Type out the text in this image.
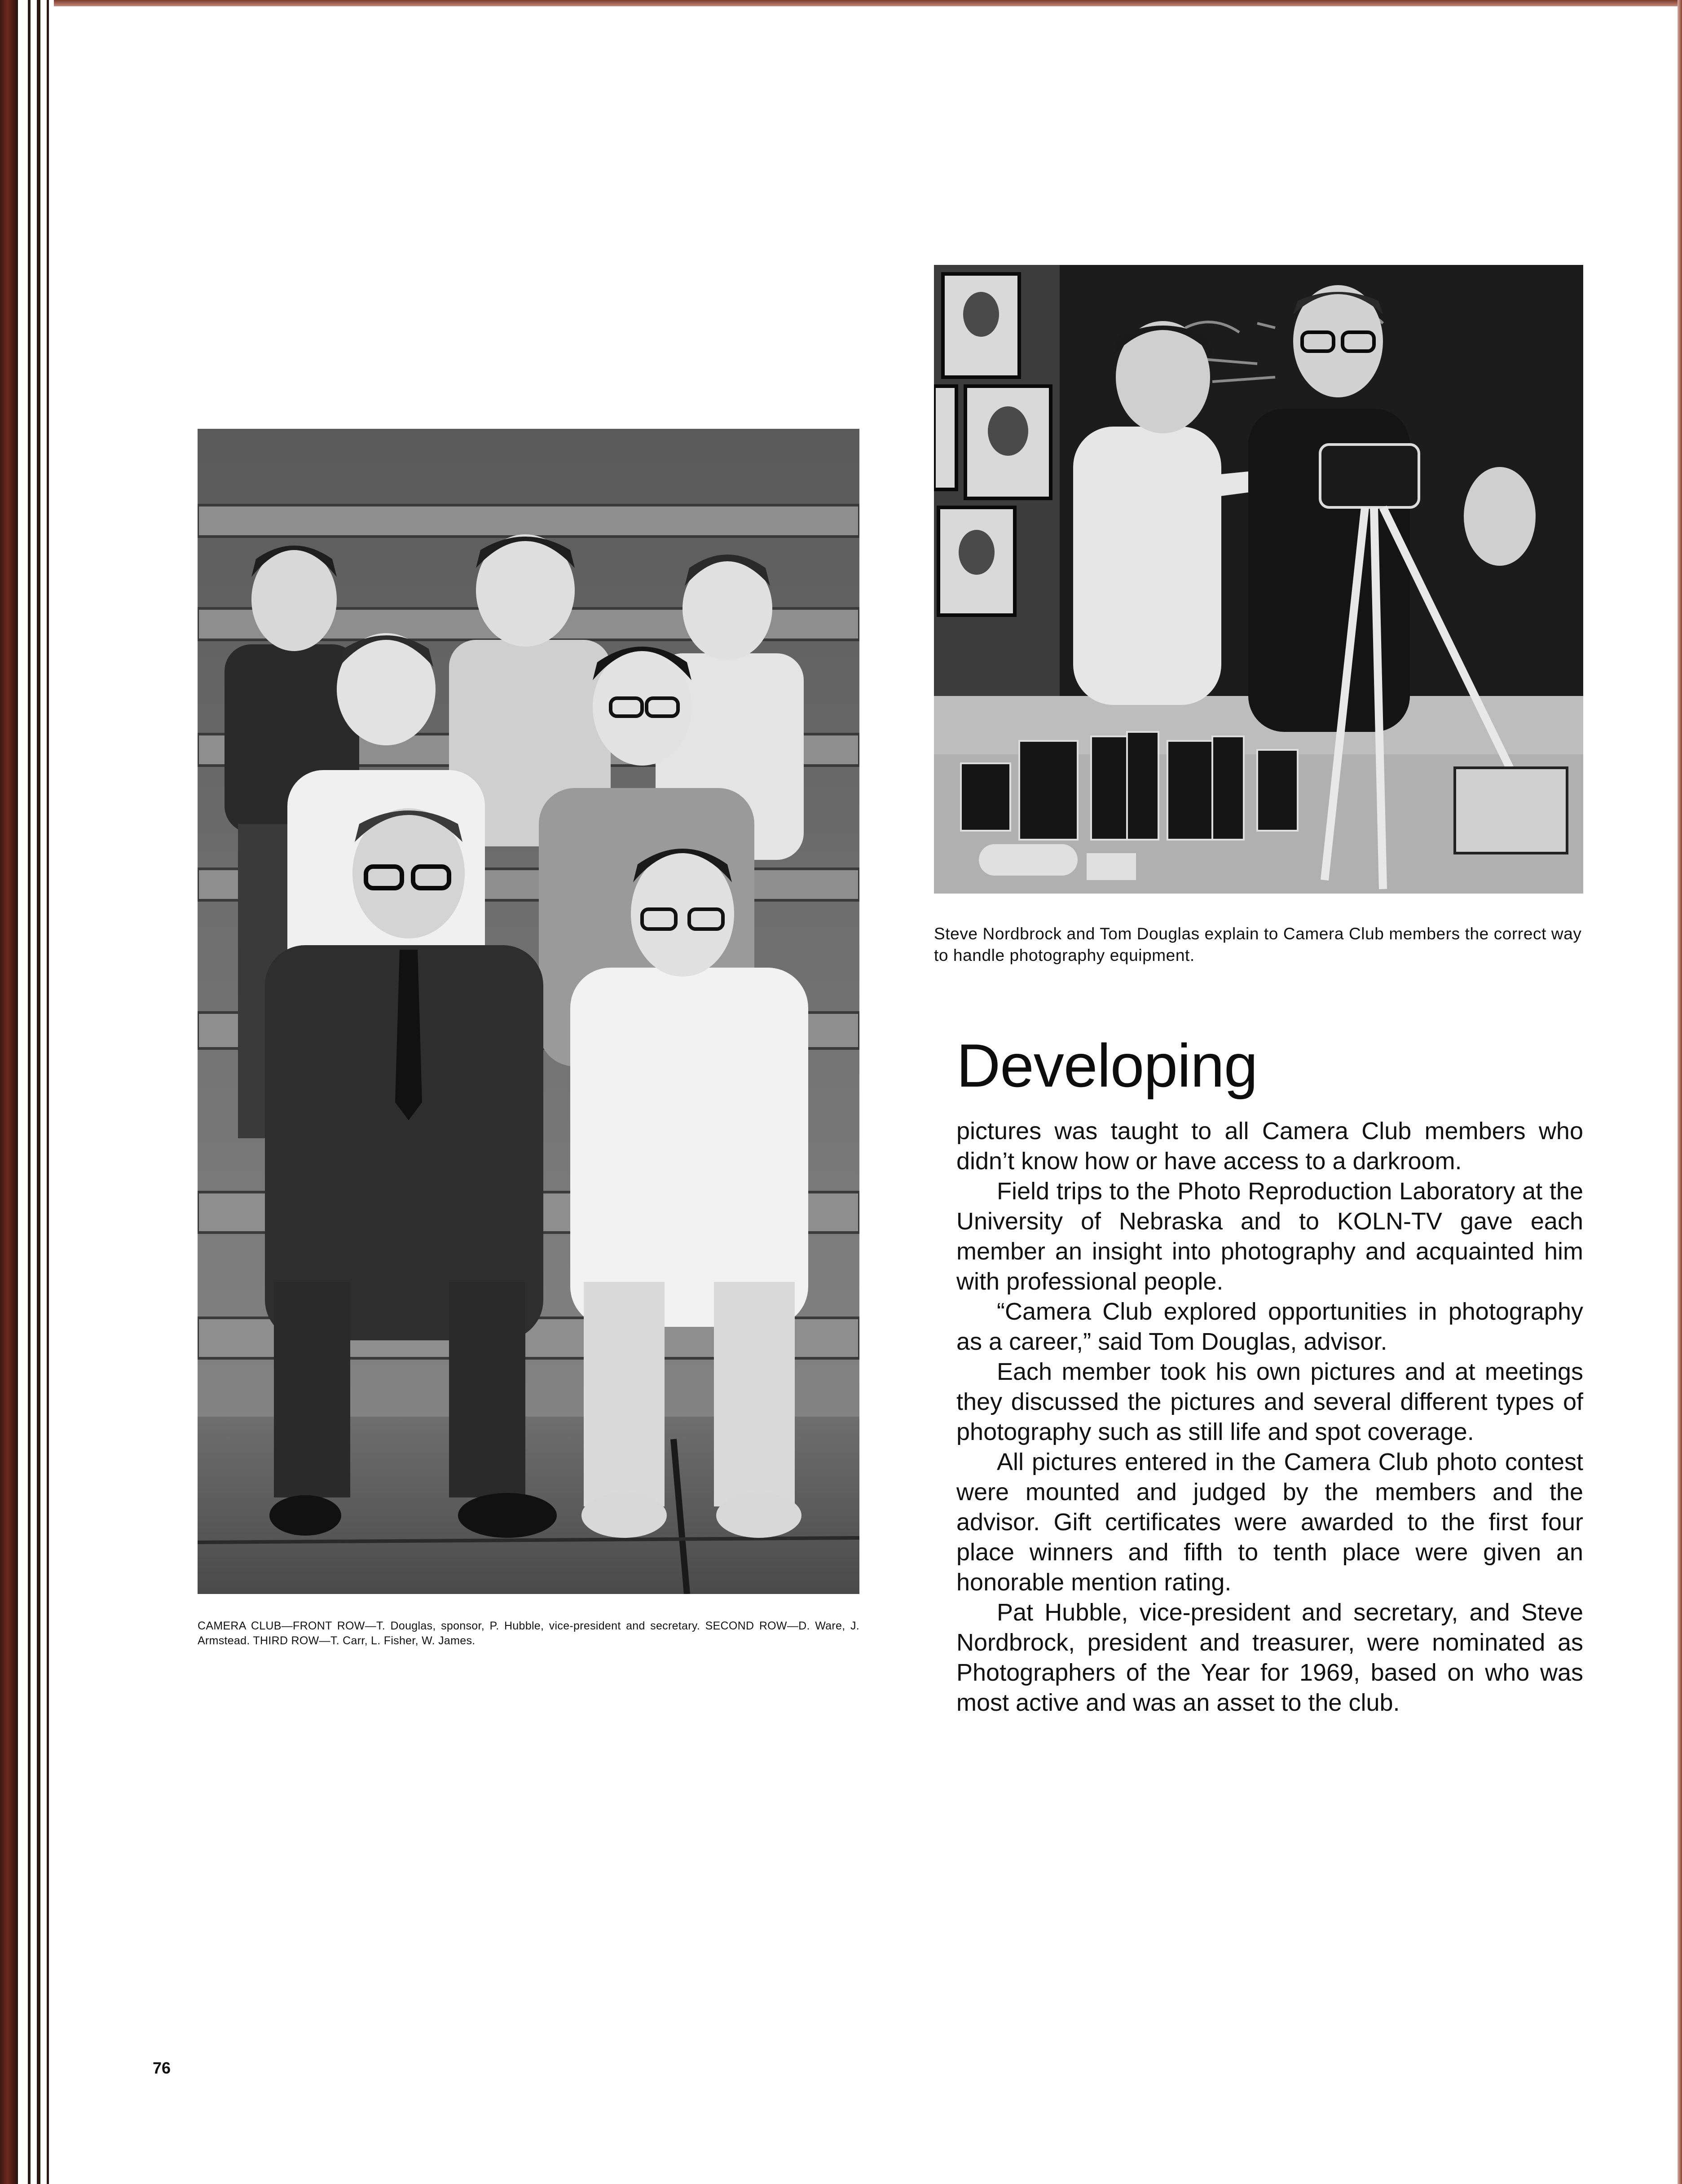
CAMERA CLUB—FRONT ROW—T. Douglas, sponsor, P. Hubble, vice-president and secretary. SECOND ROW—D. Ware, J. Armstead. THIRD ROW—T. Carr, L. Fisher, W. James.
Steve Nordbrock and Tom Douglas explain to Camera Club members the correct way to handle photography equipment.
Developing

pictures was taught to all Camera Club members who didn’t know how or have access to a darkroom.

Field trips to the Photo Reproduction Laboratory at the University of Nebraska and to KOLN-TV gave each member an insight into photography and acquainted him with professional people.

“Camera Club explored opportunities in photography as a career,” said Tom Douglas, advisor.

Each member took his own pictures and at meetings they discussed the pictures and several different types of photography such as still life and spot coverage.

All pictures entered in the Camera Club photo contest were mounted and judged by the members and the advisor. Gift certificates were awarded to the first four place winners and fifth to tenth place were given an honorable mention rating.

Pat Hubble, vice-president and secretary, and Steve Nordbrock, president and treasurer, were nominated as Photographers of the Year for 1969, based on who was most active and was an asset to the club.

76
